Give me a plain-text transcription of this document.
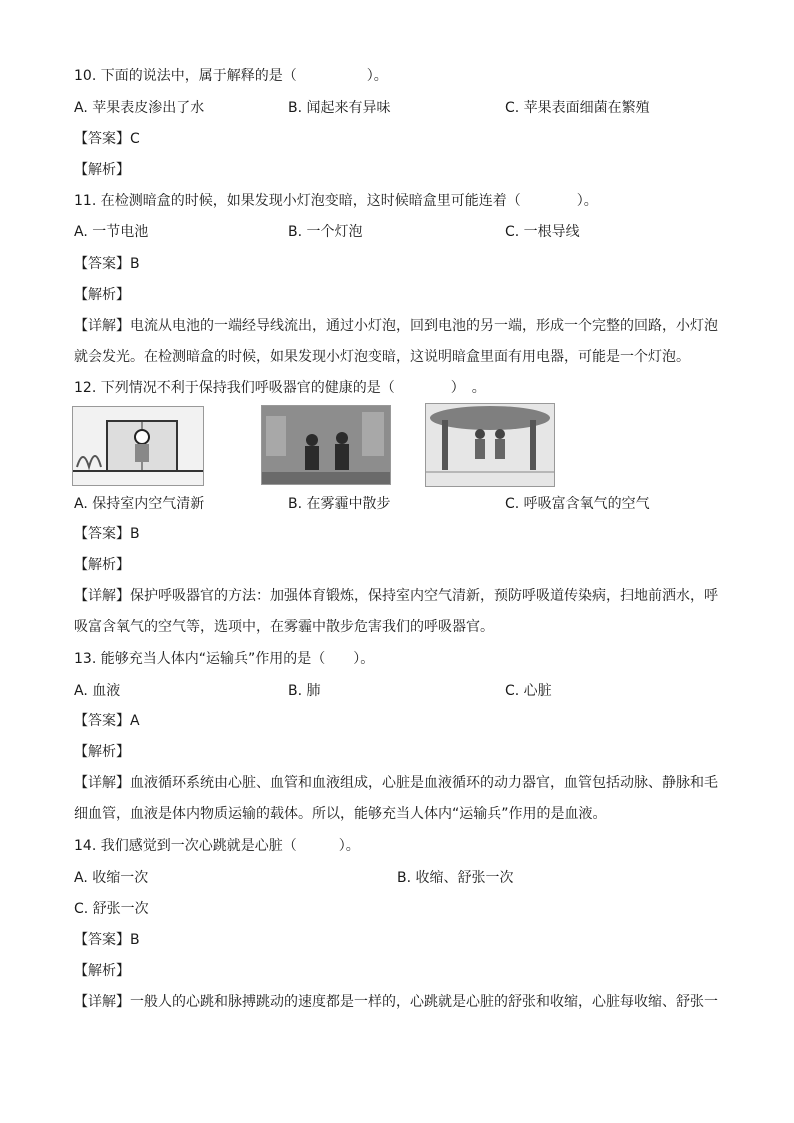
10. 下面的说法中，属于解释的是（　　　　　）。
A. 苹果表皮渗出了水	B. 闻起来有异味	C. 苹果表面细菌在繁殖
【答案】C
【解析】
11. 在检测暗盒的时候，如果发现小灯泡变暗，这时候暗盒里可能连着（　　　　）。
A. 一节电池	B. 一个灯泡	C. 一根导线
【答案】B
【解析】
【详解】电流从电池的一端经导线流出，通过小灯泡，回到电池的另一端，形成一个完整的回路，小灯泡就会发光。在检测暗盒的时候，如果发现小灯泡变暗，这说明暗盒里面有用电器，可能是一个灯泡。
12. 下列情况不利于保持我们呼吸器官的健康的是（　　　　）　。
A. 保持室内空气清新	B. 在雾霾中散步	C. 呼吸富含氧气的空气
【答案】B
【解析】
【详解】保护呼吸器官的方法：加强体育锻炼，保持室内空气清新，预防呼吸道传染病，扫地前洒水，呼吸富含氧气的空气等，选项中，在雾霾中散步危害我们的呼吸器官。
13. 能够充当人体内“运输兵”作用的是（　　）。
A. 血液	B. 肺	C. 心脏
【答案】A
【解析】
【详解】血液循环系统由心脏、血管和血液组成，心脏是血液循环的动力器官，血管包括动脉、静脉和毛细血管，血液是体内物质运输的载体。所以，能够充当人体内“运输兵”作用的是血液。
14. 我们感觉到一次心跳就是心脏（　　　）。
A. 收缩一次	B. 收缩、舒张一次
C. 舒张一次
【答案】B
【解析】
【详解】一般人的心跳和脉搏跳动的速度都是一样的，心跳就是心脏的舒张和收缩，心脏每收缩、舒张一
